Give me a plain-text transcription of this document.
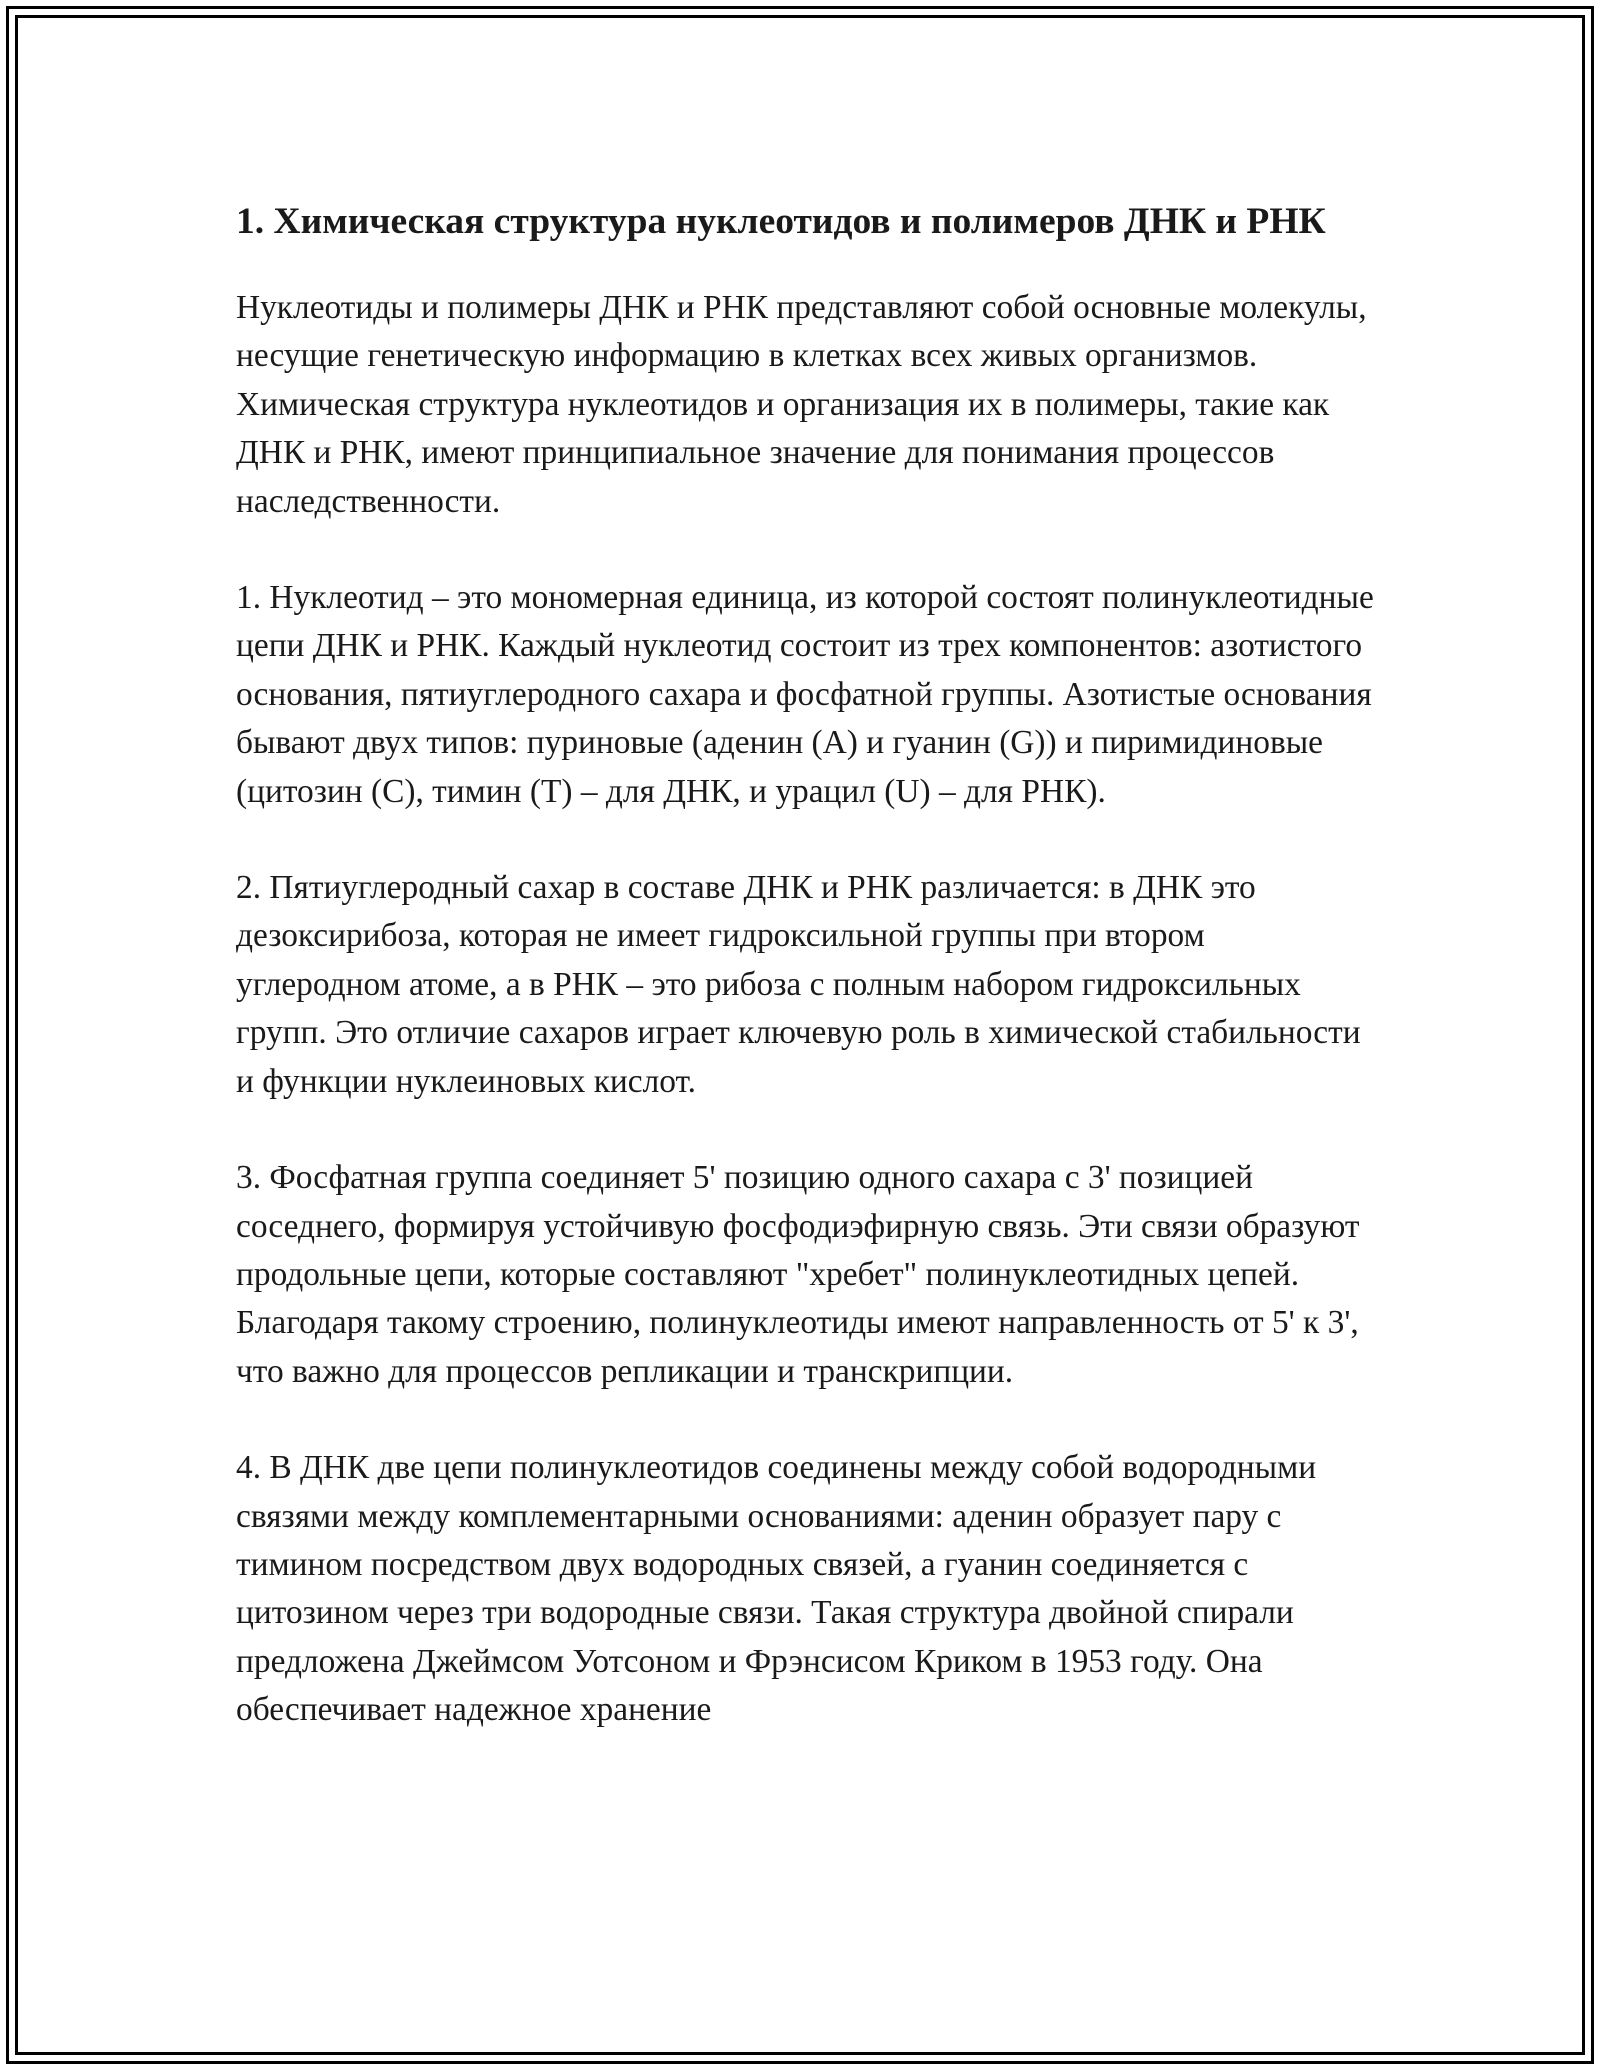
1. Химическая структура нуклеотидов и полимеров ДНК и РНК

Нуклеотиды и полимеры ДНК и РНК представляют собой основные молекулы, несущие генетическую информацию в клетках всех живых организмов. Химическая структура нуклеотидов и организация их в полимеры, такие как ДНК и РНК, имеют принципиальное значение для понимания процессов наследственности.

1. Нуклеотид – это мономерная единица, из которой состоят полинуклеотидные цепи ДНК и РНК. Каждый нуклеотид состоит из трех компонентов: азотистого основания, пятиуглеродного сахара и фосфатной группы. Азотистые основания бывают двух типов: пуриновые (аденин (A) и гуанин (G)) и пиримидиновые (цитозин (C), тимин (T) – для ДНК, и урацил (U) – для РНК).

2. Пятиуглеродный сахар в составе ДНК и РНК различается: в ДНК это дезоксирибоза, которая не имеет гидроксильной группы при втором углеродном атоме, а в РНК – это рибоза с полным набором гидроксильных групп. Это отличие сахаров играет ключевую роль в химической стабильности и функции нуклеиновых кислот.

3. Фосфатная группа соединяет 5' позицию одного сахара с 3' позицией соседнего, формируя устойчивую фосфодиэфирную связь. Эти связи образуют продольные цепи, которые составляют "хребет" полинуклеотидных цепей. Благодаря такому строению, полинуклеотиды имеют направленность от 5' к 3', что важно для процессов репликации и транскрипции.

4. В ДНК две цепи полинуклеотидов соединены между собой водородными связями между комплементарными основаниями: аденин образует пару с тимином посредством двух водородных связей, а гуанин соединяется с цитозином через три водородные связи. Такая структура двойной спирали предложена Джеймсом Уотсоном и Фрэнсисом Криком в 1953 году. Она обеспечивает надежное хранение
